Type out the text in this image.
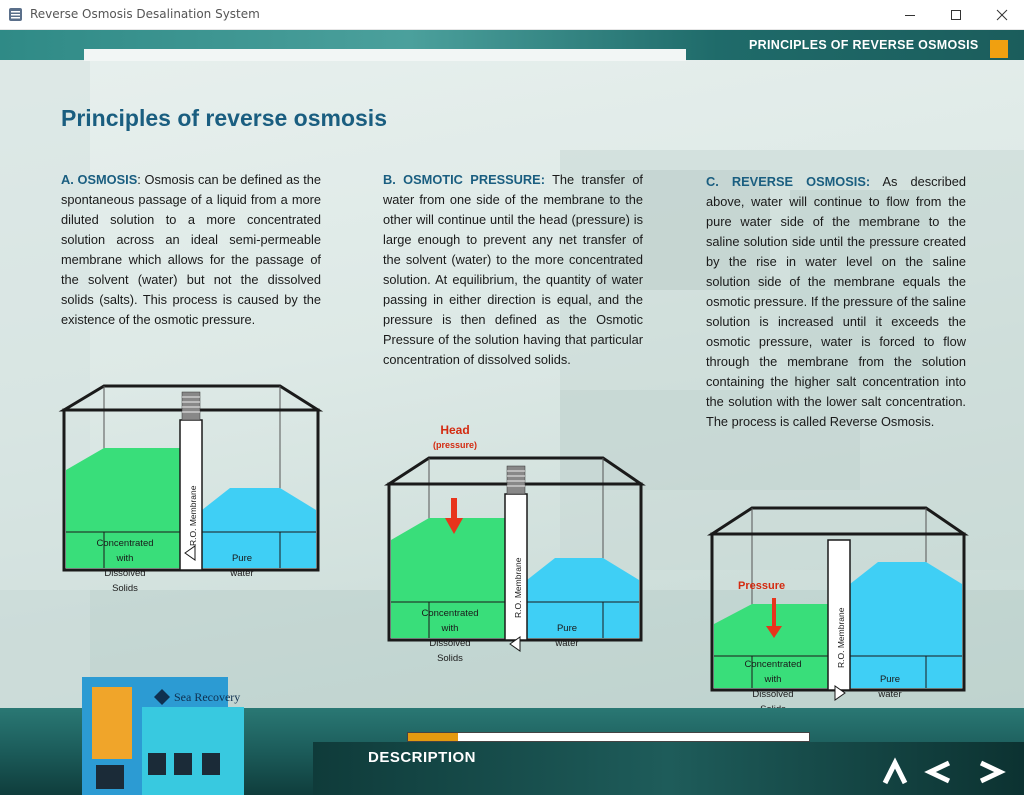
Reverse Osmosis Desalination System
PRINCIPLES OF REVERSE OSMOSIS
Principles of reverse osmosis
A. OSMOSIS: Osmosis can be defined as the spontaneous passage of a liquid from a more diluted solution to a more concentrated solution across an ideal semi-permeable membrane which allows for the passage of the solvent (water) but not the dissolved solids (salts). This process is caused by the existence of the osmotic pressure.
B. OSMOTIC PRESSURE: The transfer of water from one side of the membrane to the other will continue until the head (pressure) is large enough to prevent any net transfer of the solvent (water) to the more concentrated solution. At equilibrium, the quantity of water passing in either direction is equal, and the pressure is then defined as the Osmotic Pressure of the solution having that particular concentration of dissolved solids.
C. REVERSE OSMOSIS: As described above, water will continue to flow from the pure water side of the membrane to the saline solution side until the pressure created by the rise in water level on the saline solution side of the membrane equals the osmotic pressure. If the pressure of the saline solution is increased until it exceeds the osmotic pressure, water is forced to flow through the membrane from the solution containing the higher salt concentration into the solution with the lower salt concentration. The process is called Reverse Osmosis.
R.O. Membrane
Concentrated
with
Dissolved
Solids
Pure
water
Head
(pressure)
R.O. Membrane
Concentrated
with
Dissolved
Solids
Pure
water	R.O. Membrane
Pressure
Concentrated
with
Dissolved
Pure
water
Sea Recovery
DESCRIPTION
